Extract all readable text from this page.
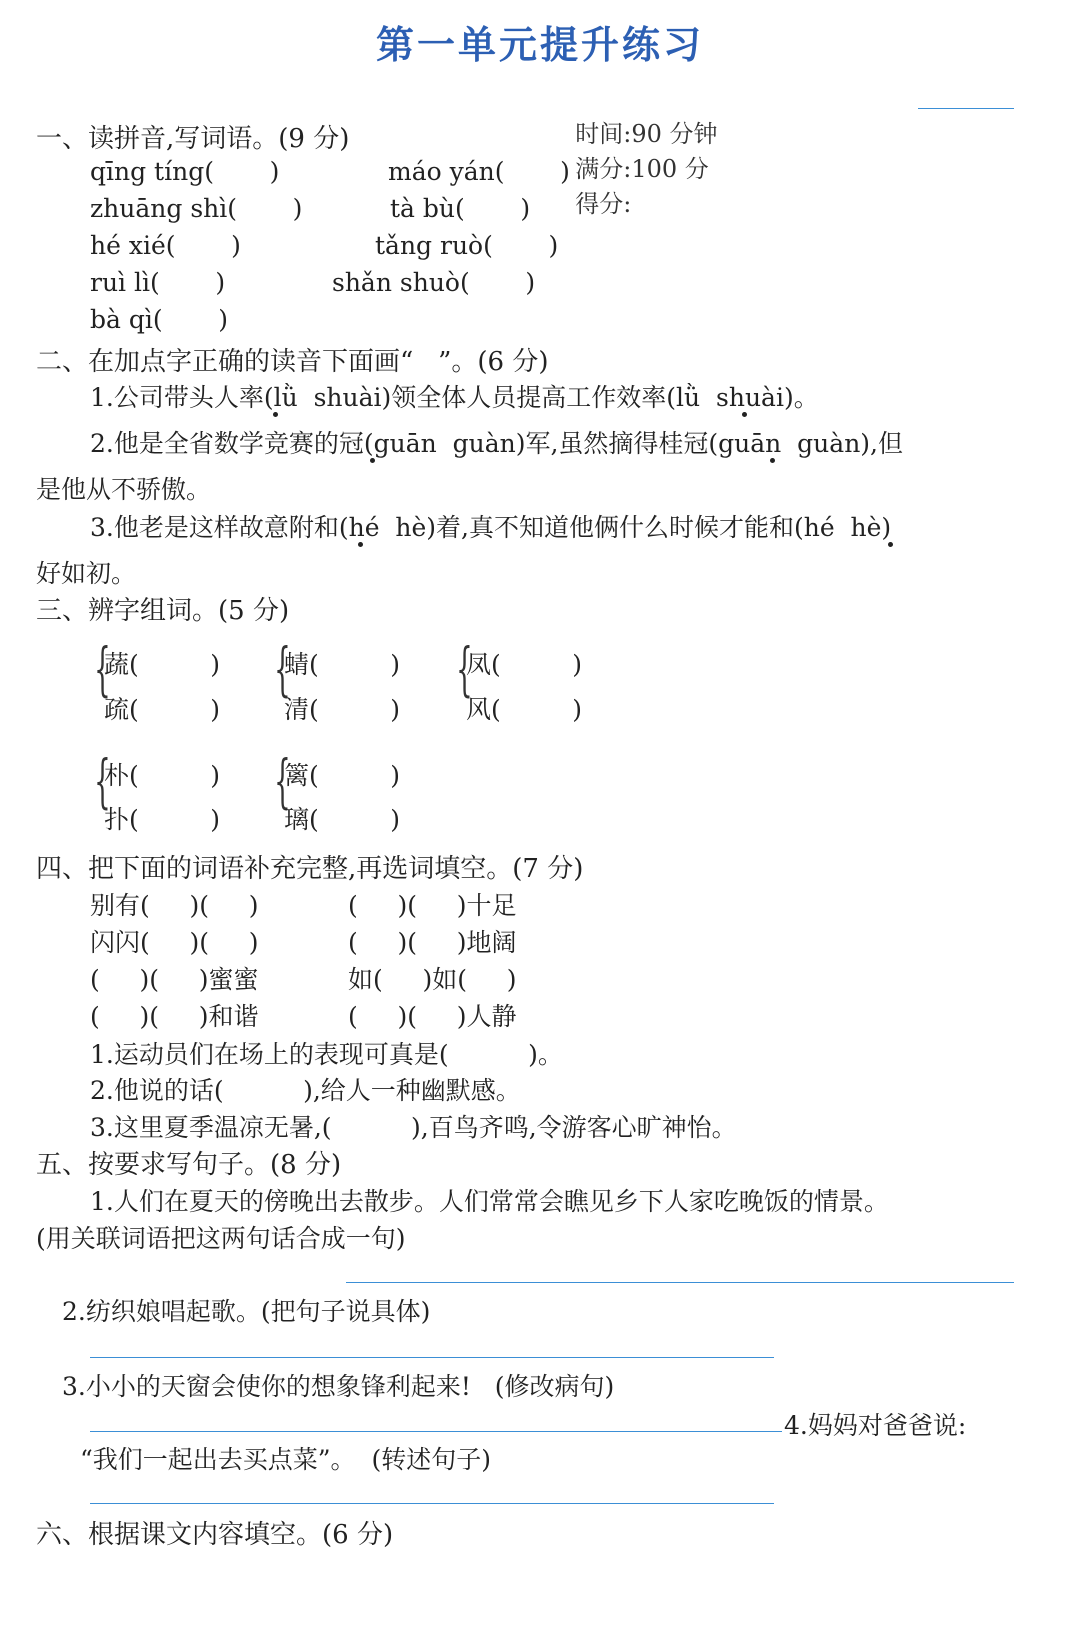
第一单元提升练习

时间:90 分钟
满分:100 分
得分:

一、读拼音,写词语。(9 分)
qīng tíng(       )	máo yán(       )
zhuāng shì(       )	tà bù(       )
hé xié(       )	tǎng ruò(       )
ruì lì(       )	shǎn shuò(       )
bà qì(       )
二、在加点字正确的读音下面画“   ”。(6 分)
1.公司带头人率(lǜ  shuài)领全体人员提高工作效率(lǜ  shuài)。
2.他是全省数学竞赛的冠(guān  guàn)军,虽然摘得桂冠(guān  guàn),但
是他从不骄傲。
3.他老是这样故意附和(hé  hè)着,真不知道他俩什么时候才能和(hé  hè)
好如初。
三、辨字组词。(5 分)
{
蔬(         )
疏(         )
{
蜻(         )
清(         )
{
凤(         )
风(         )
{
朴(         )
扑(         )
{
篱(         )
璃(         )
四、把下面的词语补充完整,再选词填空。(7 分)
别有(     )(     )	(     )(     )十足
闪闪(     )(     )	(     )(     )地阔
(     )(     )蜜蜜	如(     )如(     )
(     )(     )和谐	(     )(     )人静
1.运动员们在场上的表现可真是(          )。
2.他说的话(          ),给人一种幽默感。
3.这里夏季温凉无暑,(          ),百鸟齐鸣,令游客心旷神怡。
五、按要求写句子。(8 分)
1.人们在夏天的傍晚出去散步。人们常常会瞧见乡下人家吃晚饭的情景。
(用关联词语把这两句话合成一句)
2.纺织娘唱起歌。(把句子说具体)
3.小小的天窗会使你的想象锋利起来!   (修改病句)
4.妈妈对爸爸说:
“我们一起出去买点菜”。  (转述句子)
六、根据课文内容填空。(6 分)
